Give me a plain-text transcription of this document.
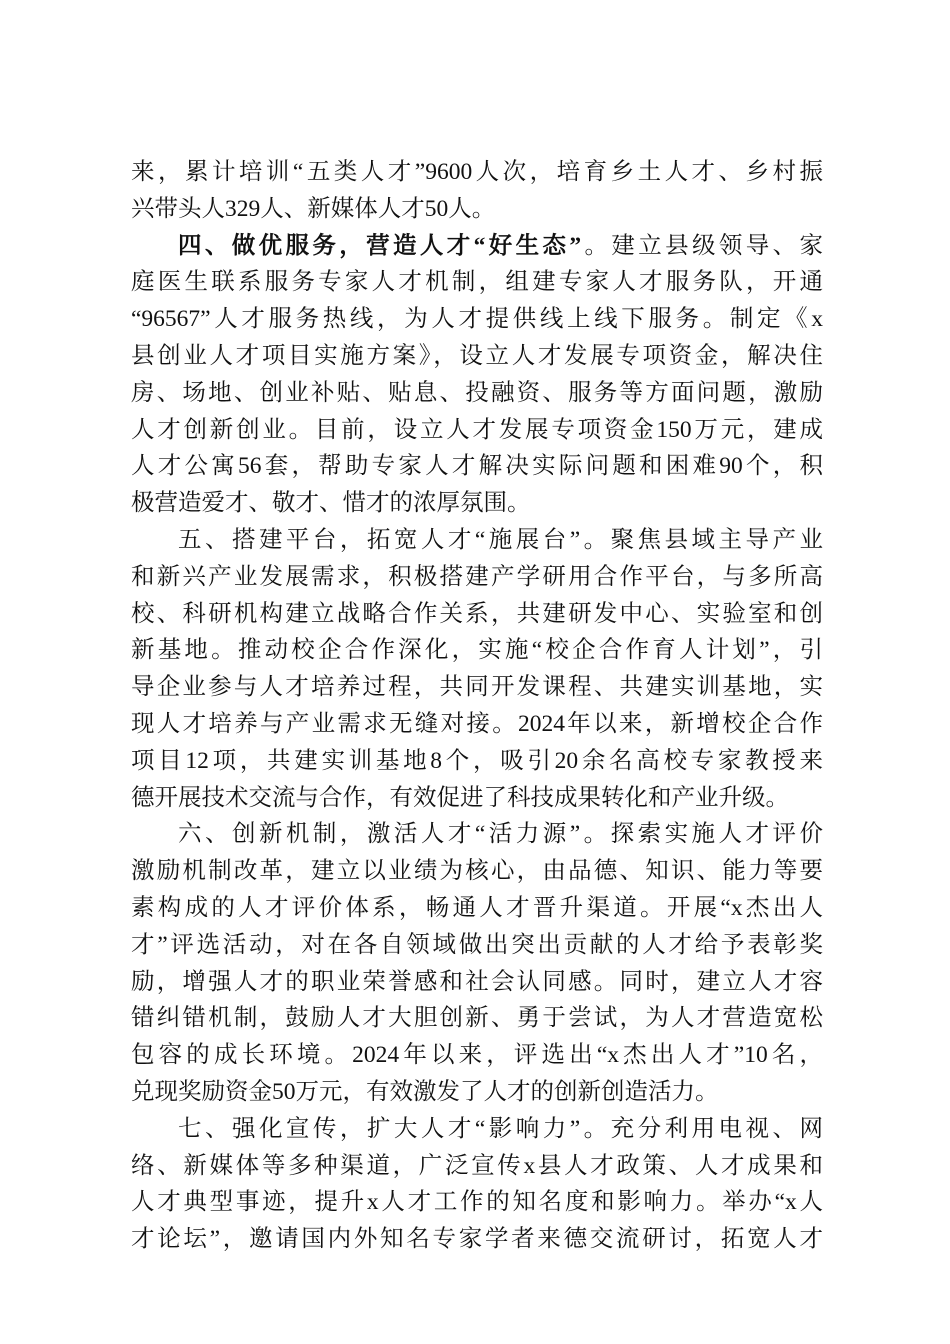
来，累计培训“五类人才”9600人次，培育乡土人才、乡村振
兴带头人329人、新媒体人才50人。
四、做优服务，营造人才“好生态”。建立县级领导、家
庭医生联系服务专家人才机制，组建专家人才服务队，开通
“96567”人才服务热线，为人才提供线上线下服务。制定《x
县创业人才项目实施方案》，设立人才发展专项资金，解决住
房、场地、创业补贴、贴息、投融资、服务等方面问题，激励
人才创新创业。目前，设立人才发展专项资金150万元，建成
人才公寓56套，帮助专家人才解决实际问题和困难90个，积
极营造爱才、敬才、惜才的浓厚氛围。
五、搭建平台，拓宽人才“施展台”。聚焦县域主导产业
和新兴产业发展需求，积极搭建产学研用合作平台，与多所高
校、科研机构建立战略合作关系，共建研发中心、实验室和创
新基地。推动校企合作深化，实施“校企合作育人计划”，引
导企业参与人才培养过程，共同开发课程、共建实训基地，实
现人才培养与产业需求无缝对接。2024年以来，新增校企合作
项目12项，共建实训基地8个，吸引20余名高校专家教授来
德开展技术交流与合作，有效促进了科技成果转化和产业升级。
六、创新机制，激活人才“活力源”。探索实施人才评价
激励机制改革，建立以业绩为核心，由品德、知识、能力等要
素构成的人才评价体系，畅通人才晋升渠道。开展“x杰出人
才”评选活动，对在各自领域做出突出贡献的人才给予表彰奖
励，增强人才的职业荣誉感和社会认同感。同时，建立人才容
错纠错机制，鼓励人才大胆创新、勇于尝试，为人才营造宽松
包容的成长环境。2024年以来，评选出“x杰出人才”10名，
兑现奖励资金50万元，有效激发了人才的创新创造活力。
七、强化宣传，扩大人才“影响力”。充分利用电视、网
络、新媒体等多种渠道，广泛宣传x县人才政策、人才成果和
人才典型事迹，提升x人才工作的知名度和影响力。举办“x人
才论坛”，邀请国内外知名专家学者来德交流研讨，拓宽人才
